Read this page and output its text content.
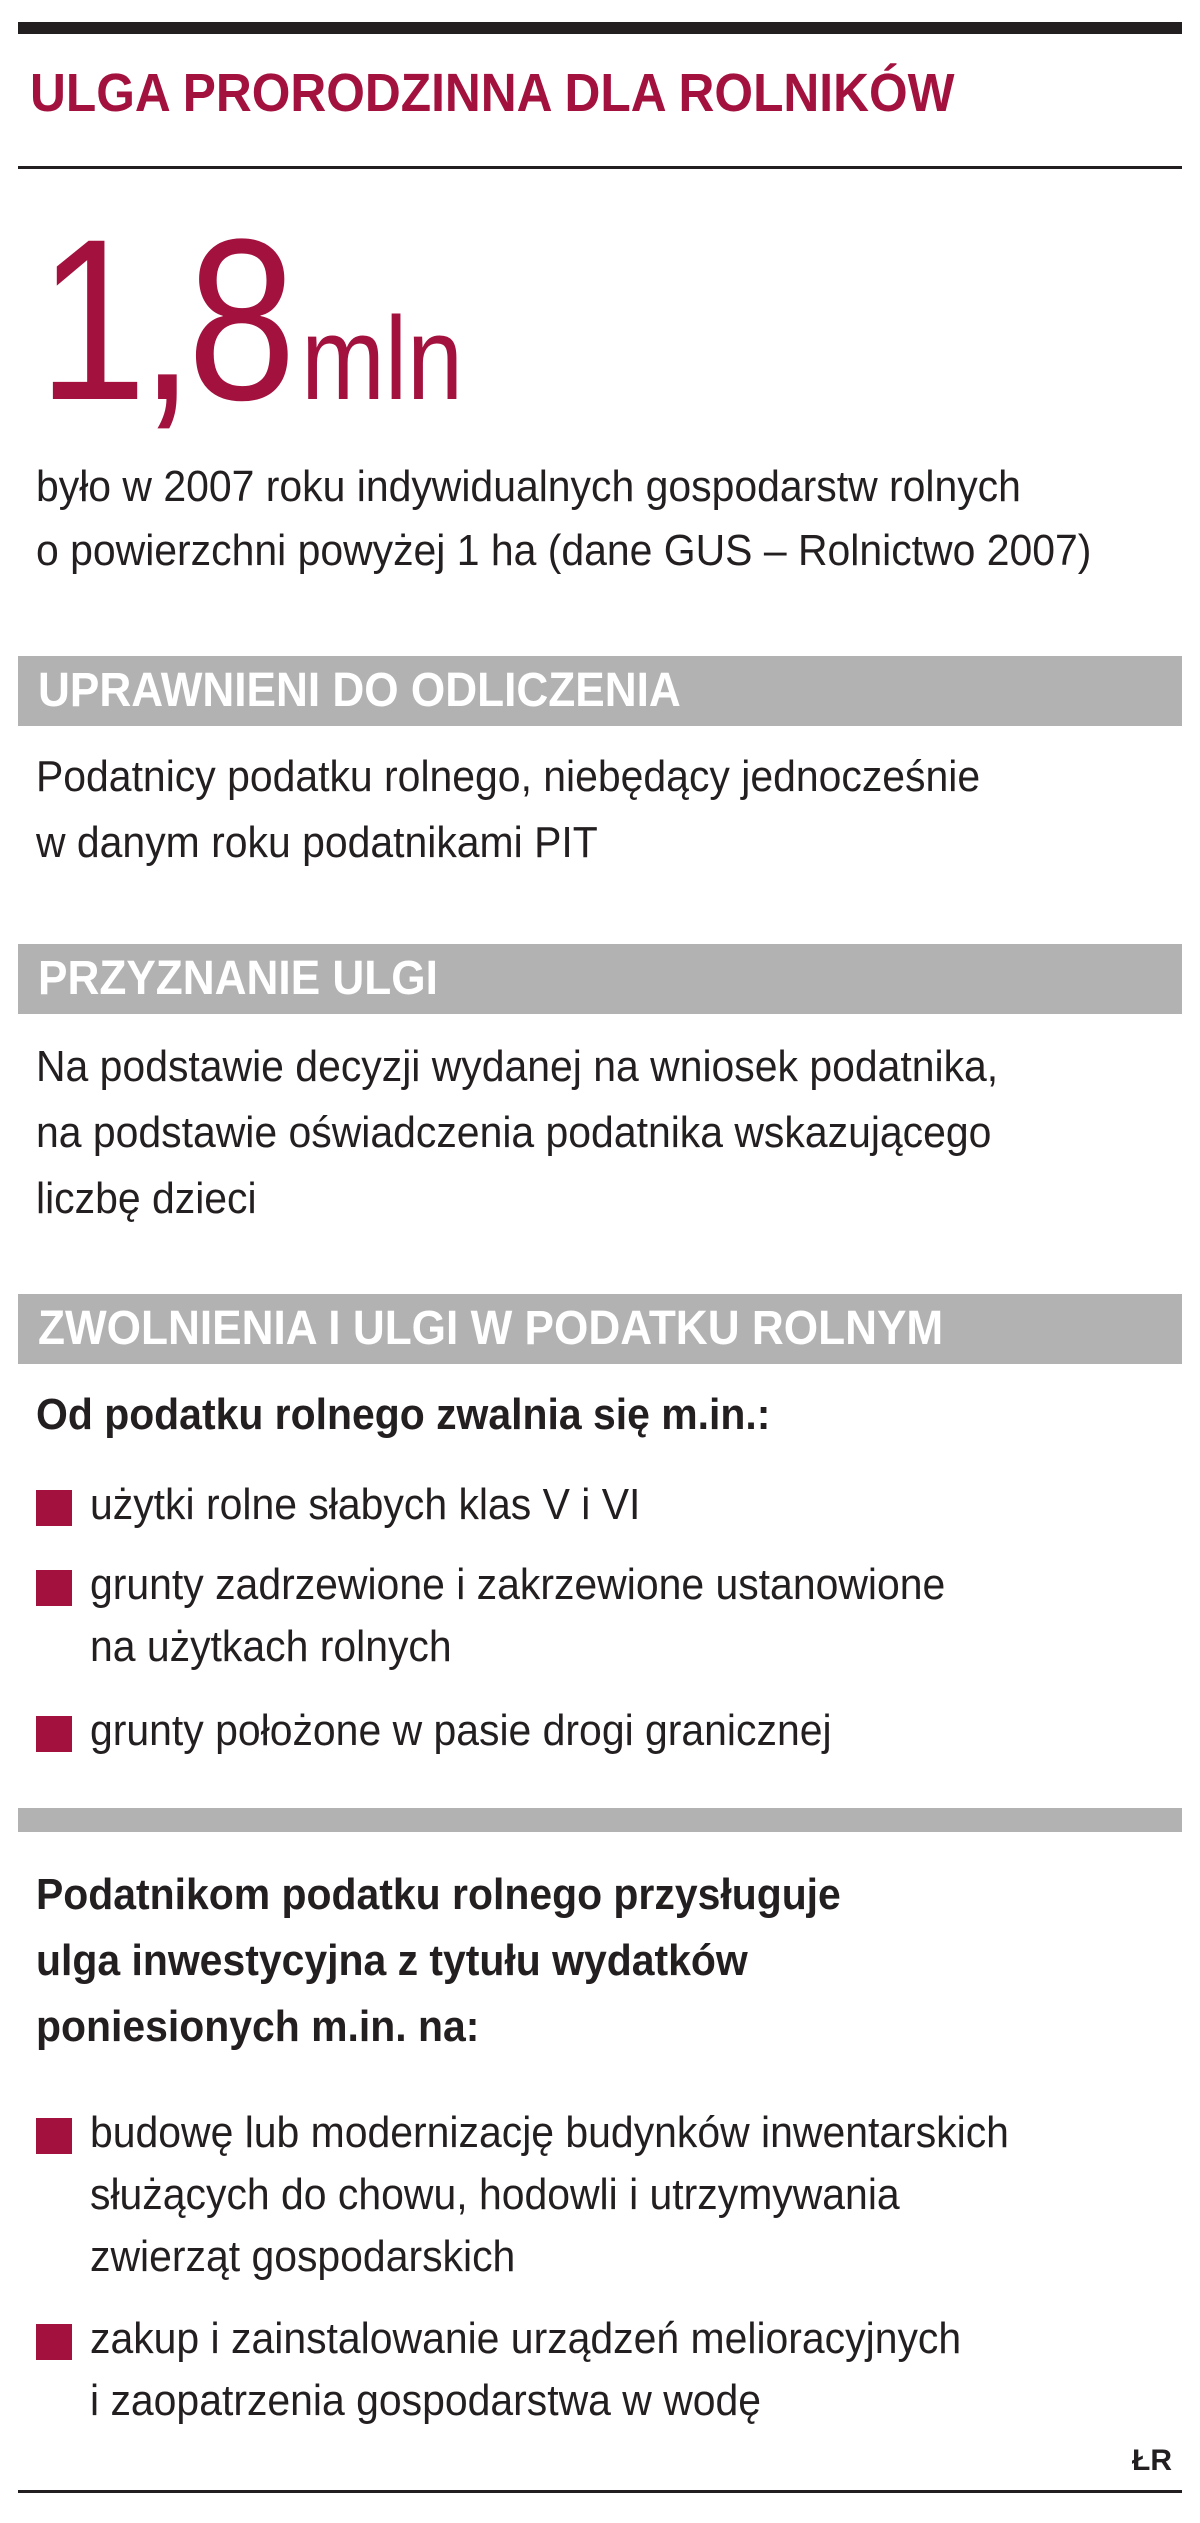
ULGA PRORODZINNA DLA ROLNIKÓW
1,8 mln
było w 2007 roku indywidualnych gospodarstw rolnych
o powierzchni powyżej 1 ha (dane GUS – Rolnictwo 2007)
UPRAWNIENI DO ODLICZENIA
Podatnicy podatku rolnego, niebędący jednocześnie
w danym roku podatnikami PIT
PRZYZNANIE ULGI
Na podstawie decyzji wydanej na wniosek podatnika,
na podstawie oświadczenia podatnika wskazującego
liczbę dzieci
ZWOLNIENIA I ULGI W PODATKU ROLNYM
Od podatku rolnego zwalnia się m.in.:
użytki rolne słabych klas V i VI
grunty zadrzewione i zakrzewione ustanowione
na użytkach rolnych
grunty położone w pasie drogi granicznej
Podatnikom podatku rolnego przysługuje
ulga inwestycyjna z tytułu wydatków
poniesionych m.in. na:
budowę lub modernizację budynków inwentarskich
służących do chowu, hodowli i utrzymywania
zwierząt gospodarskich
zakup i zainstalowanie urządzeń melioracyjnych
i zaopatrzenia gospodarstwa w wodę
ŁR
